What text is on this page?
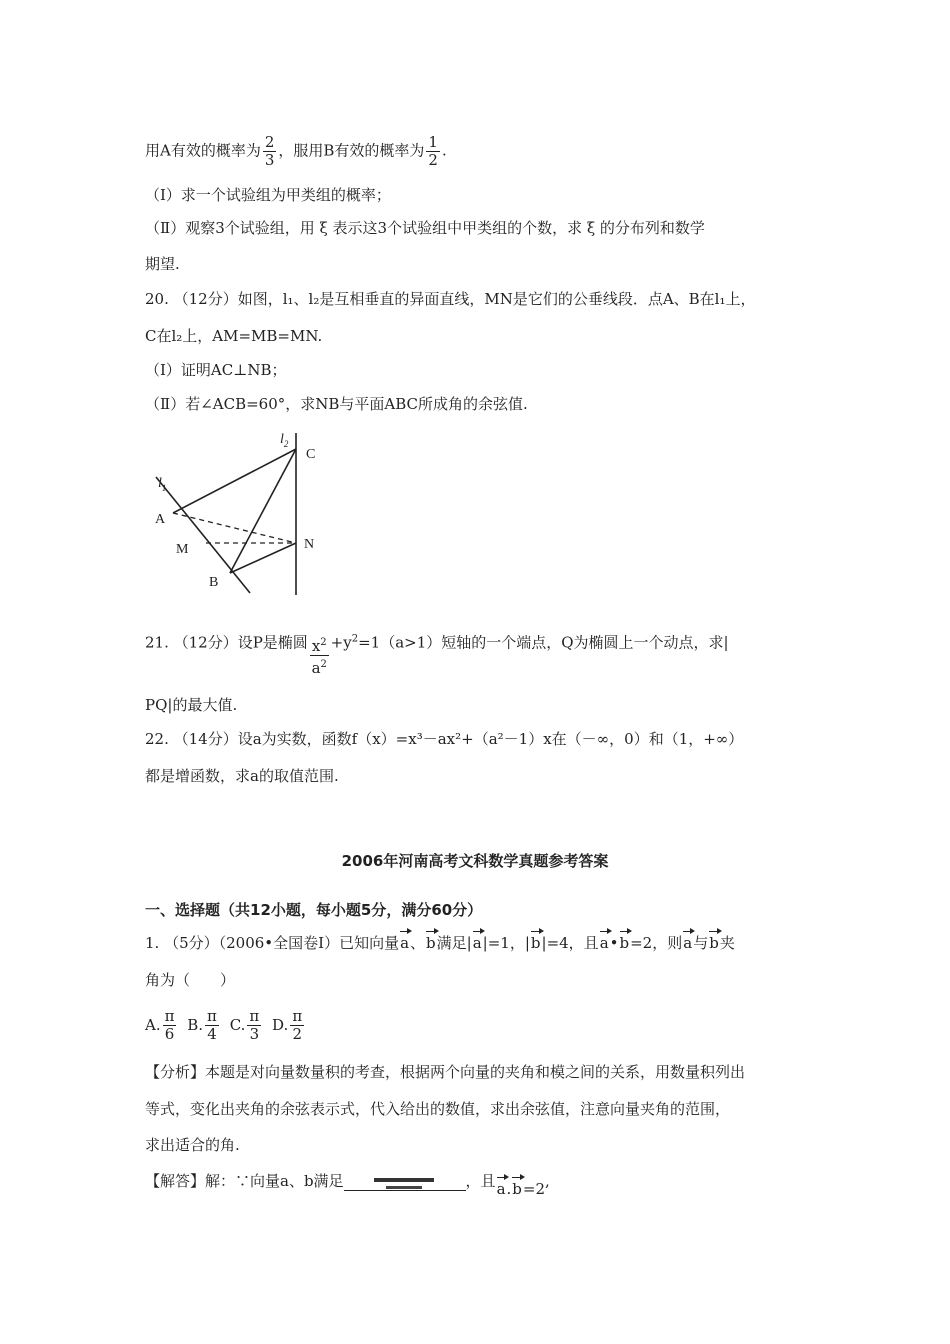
用A有效的概率为 $\frac{2}{3}$ ，服用B有效的概率为 $\frac{1}{2}$ .
（Ⅰ）求一个试验组为甲类组的概率；
（Ⅱ）观察3个试验组，用 ξ 表示这3个试验组中甲类组的个数，求 ξ 的分布列和数学
期望.
20. （12分）如图，l₁、l₂是互相垂直的异面直线，MN是它们的公垂线段．点A、B在l₁上，
C在l₂上，AM=MB=MN.
（Ⅰ）证明AC⊥NB；
（Ⅱ）若∠ACB=60°，求NB与平面ABC所成角的余弦值.
$l_2$
C
$l_1$
A
M	N
B
21. （12分）设P是椭圆 $\frac{x^2}{a^2} +y^2=1(a>1)$短轴的一个端点，Q为椭圆上一个动点，求|
PQ|的最大值.
22. （14分）设a为实数，函数f（x）=x³－ax²+（a²－1）x在（－∞，0）和（1，+∞）
都是增函数，求a的取值范围.
2006年河南高考文科数学真题参考答案
一、选择题（共12小题，每小题5分，满分60分）
1. （5分）（2006•全国卷Ⅰ）已知向量a、b满足|a|=1，|b|=4，且a•b=2，则a与b夹
角为（　　）
A. $\frac{\pi}{6} B$. $\frac{\pi}{4} C$. $\frac{\pi}{3} D$. $\frac{\pi}{2}$
【分析】本题是对向量数量积的考查，根据两个向量的夹角和模之间的关系，用数量积列出
等式，变化出夹角的余弦表示式，代入给出的数值，求出余弦值，注意向量夹角的范围，
求出适合的角.
【解答】解：∵向量a、b满足	，且a.b=2,
